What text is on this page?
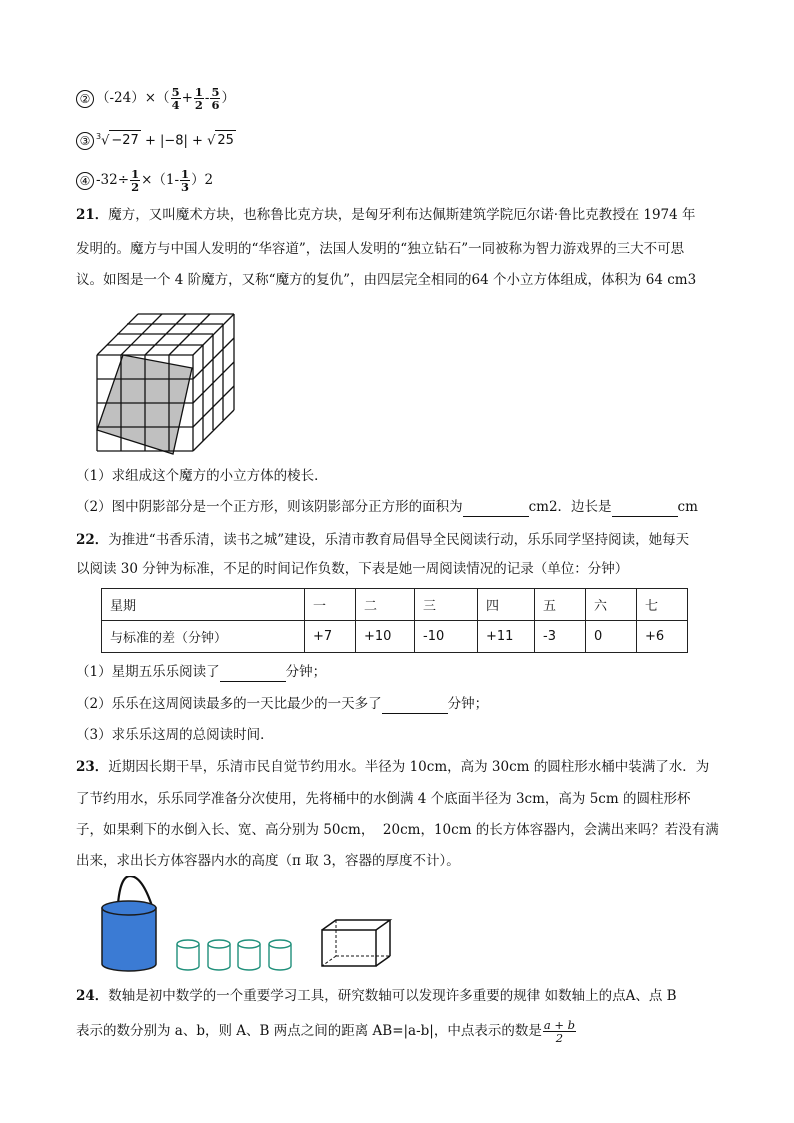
② $(-24)\times( \frac{5}{4} + \frac{1}{2} - \frac{5}{6}$ ）
③ $^3$√ −27 + |−8| + √ 25
④ $-32\div \frac{1}{2} \times(1- \frac{1}{3} )2$
21．魔方，又叫魔术方块，也称鲁比克方块，是匈牙利布达佩斯建筑学院厄尔诺·鲁比克教授在 1974 年
发明的。魔方与中国人发明的“华容道”，法国人发明的“独立钻石”一同被称为智力游戏界的三大不可思
议。如图是一个 4 阶魔方，又称“魔方的复仇”，由四层完全相同的64 个小立方体组成，体积为 64 cm3
（1）求组成这个魔方的小立方体的棱长．
（2）图中阴影部分是一个正方形，则该阴影部分正方形的面积为	cm2．边长是	cm
22．为推进“书香乐清，读书之城”建设，乐清市教育局倡导全民阅读行动，乐乐同学坚持阅读，她每天
以阅读 30 分钟为标准，不足的时间记作负数，下表是她一周阅读情况的记录（单位：分钟）
星期	一	二	三	四	五	六	七
与标准的差（分钟）	+7	+10	-10	+11	-3	0	+6
（1）星期五乐乐阅读了	分钟；
（2）乐乐在这周阅读最多的一天比最少的一天多了	分钟；
（3）求乐乐这周的总阅读时间．
23．近期因长期干旱，乐清市民自觉节约用水。半径为 10cm，高为 30cm 的圆柱形水桶中装满了水．为
了节约用水，乐乐同学准备分次使用，先将桶中的水倒满 4 个底面半径为 3cm，高为 5cm 的圆柱形杯
子，如果剩下的水倒入长、宽、高分别为 50cm，  20cm，10cm 的长方体容器内，会满出来吗？若没有满
出来，求出长方体容器内水的高度（π 取 3，容器的厚度不计）。
24．数轴是初中数学的一个重要学习工具，研究数轴可以发现许多重要的规律 如数轴上的点A、点 B
表示的数分别为 a、b，则 A、B 两点之间的距离 AB=|a-b|，中点表示的数是 $\frac{a + b}{2}$
